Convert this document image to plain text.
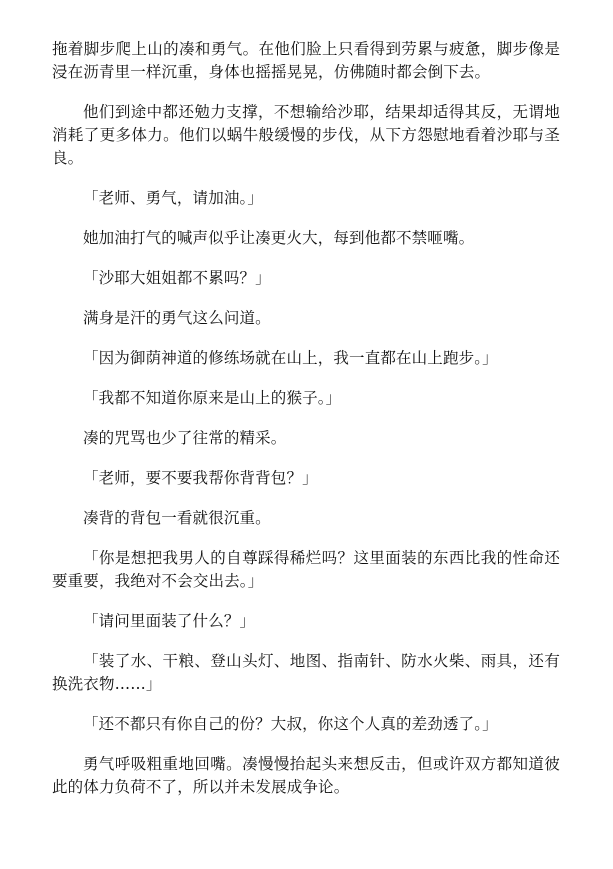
拖着脚步爬上山的凑和勇气。在他们脸上只看得到劳累与疲惫，脚步像是浸在沥青里一样沉重，身体也摇摇晃晃，仿佛随时都会倒下去。

他们到途中都还勉力支撑，不想输给沙耶，结果却适得其反，无谓地消耗了更多体力。他们以蜗牛般缓慢的步伐，从下方怨慰地看着沙耶与圣良。

「老师、勇气，请加油。」

她加油打气的喊声似乎让凑更火大，每到他都不禁咂嘴。

「沙耶大姐姐都不累吗？」

满身是汗的勇气这么问道。

「因为御荫神道的修练场就在山上，我一直都在山上跑步。」

「我都不知道你原来是山上的猴子。」

凑的咒骂也少了往常的精采。

「老师，要不要我帮你背背包？」

凑背的背包一看就很沉重。

「你是想把我男人的自尊踩得稀烂吗？这里面装的东西比我的性命还要重要，我绝对不会交出去。」

「请问里面装了什么？」

「装了水、干粮、登山头灯、地图、指南针、防水火柴、雨具，还有换洗衣物……」

「还不都只有你自己的份？大叔，你这个人真的差劲透了。」

勇气呼吸粗重地回嘴。凑慢慢抬起头来想反击，但或许双方都知道彼此的体力负荷不了，所以并未发展成争论。
